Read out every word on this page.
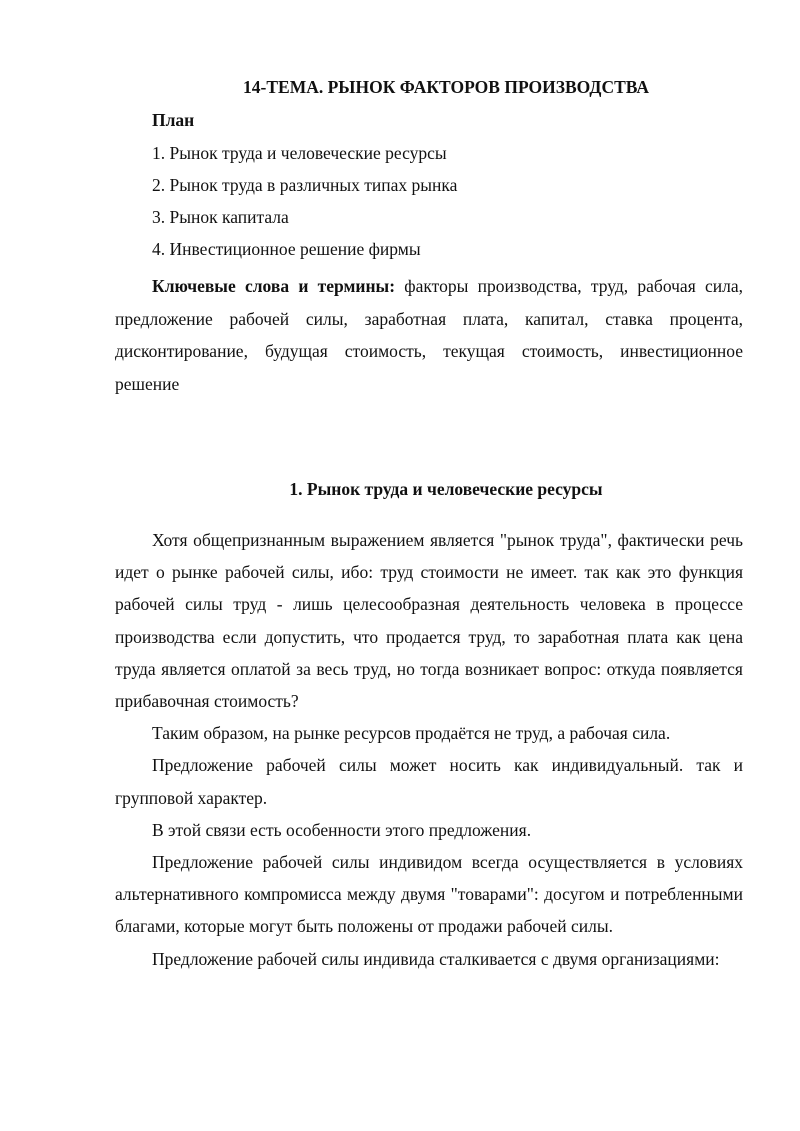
14-ТЕМА. РЫНОК ФАКТОРОВ ПРОИЗВОДСТВА
План
1. Рынок труда и человеческие ресурсы
2. Рынок труда в различных типах рынка
3. Рынок капитала
4. Инвестиционное решение фирмы
Ключевые слова и термины: факторы производства, труд, рабочая сила, предложение рабочей силы, заработная плата, капитал, ставка процента, дисконтирование, будущая стоимость, текущая стоимость, инвестиционное решение
1. Рынок труда и человеческие ресурсы

Хотя общепризнанным выражением является "рынок труда", фактически речь идет о рынке рабочей силы, ибо: труд стоимости не имеет. так как это функция рабочей силы труд - лишь целесообразная деятельность человека в процессе производства если допустить, что продается труд, то заработная плата как цена труда является оплатой за весь труд, но тогда возникает вопрос: откуда появляется прибавочная стоимость?

Таким образом, на рынке ресурсов продаётся не труд, а рабочая сила.

Предложение рабочей силы может носить как индивидуальный. так и групповой характер.

В этой связи есть особенности этого предложения.

Предложение рабочей силы индивидом всегда осуществляется в условиях альтернативного компромисса между двумя "товарами": досугом и потребленными благами, которые могут быть положены от продажи рабочей силы.

Предложение рабочей силы индивида сталкивается с двумя организациями:
